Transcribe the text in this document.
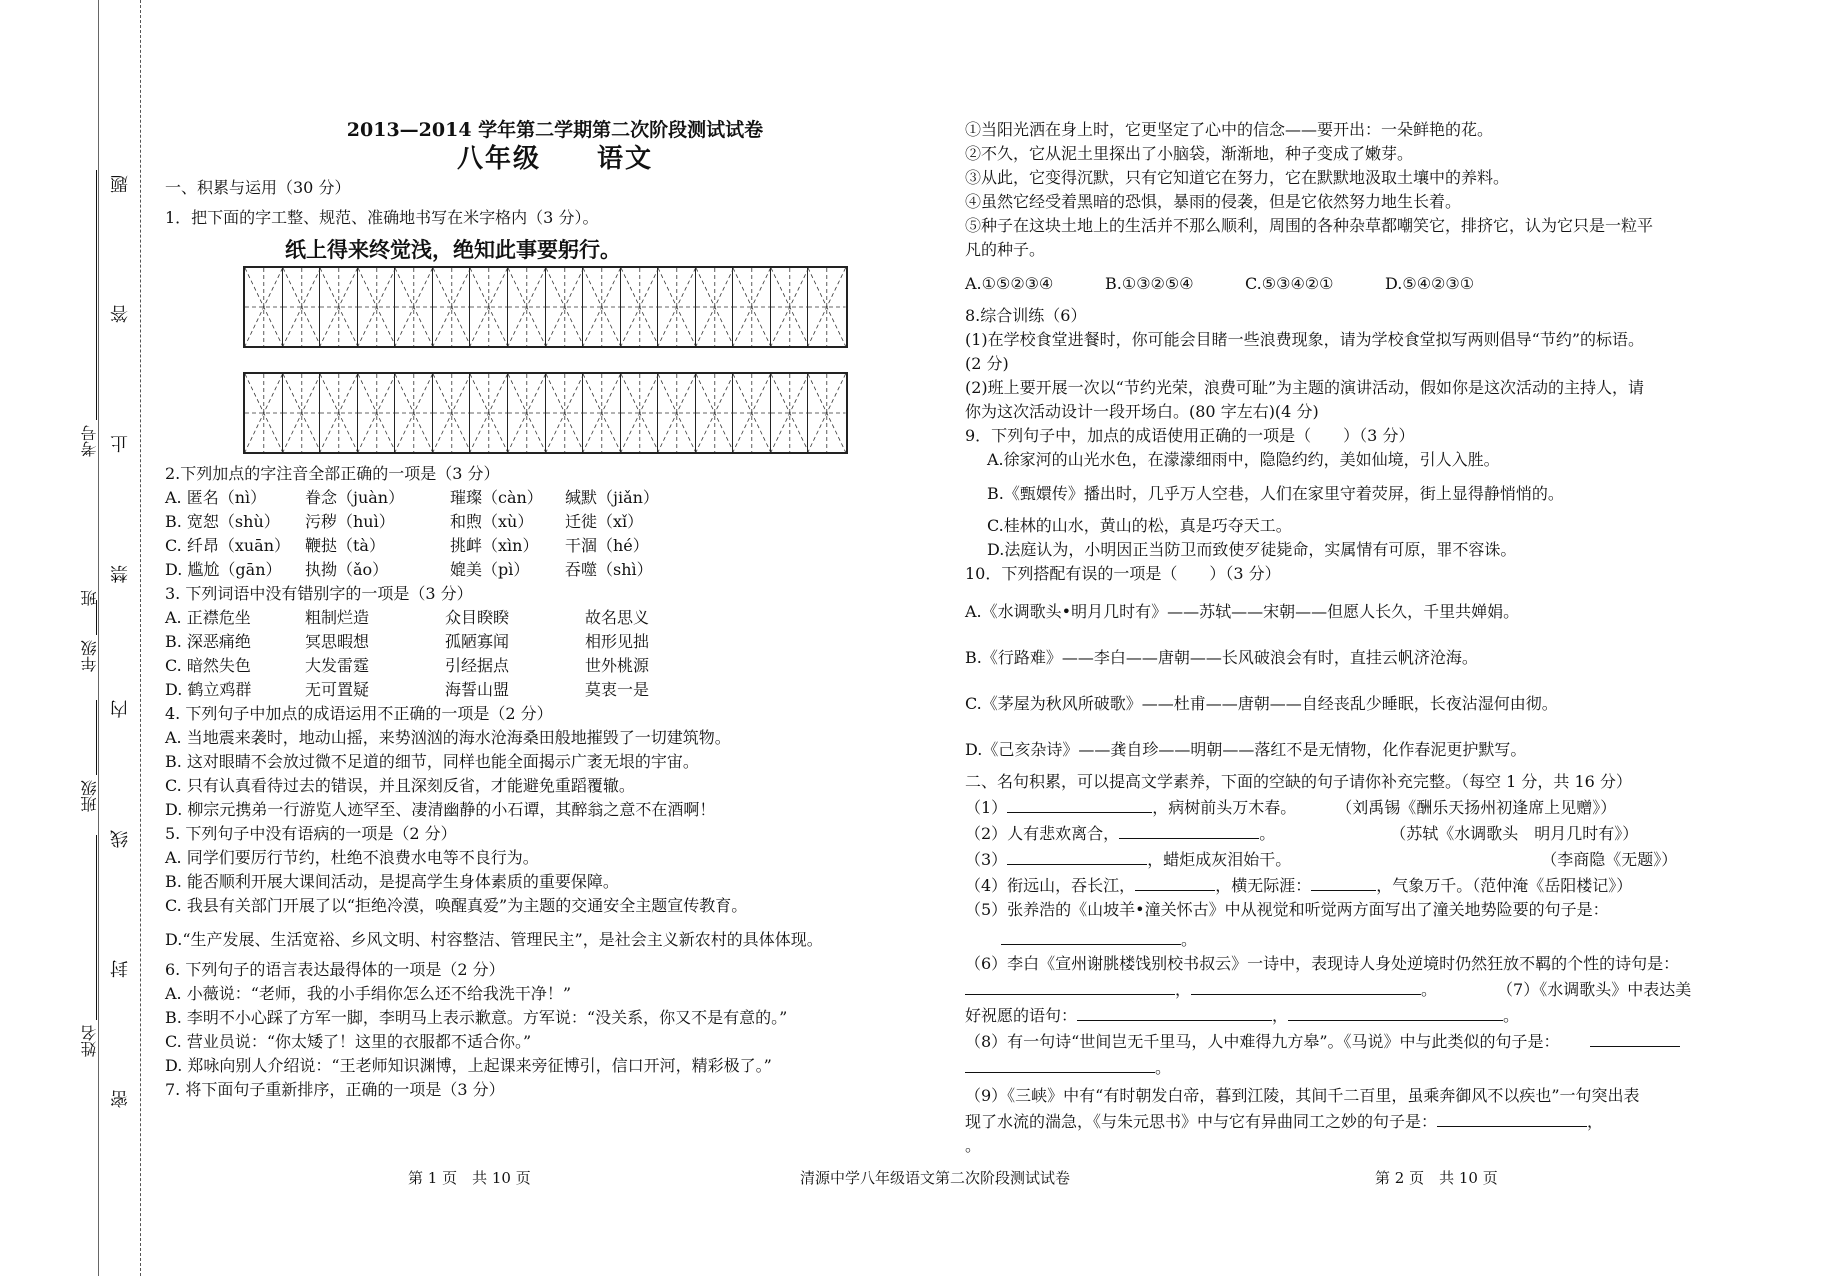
题
答
止
禁
内
线
封
密
考号
班级
班
年级
姓名
2013—2014 学年第二学期第二次阶段测试试卷
八年级　　语文
一、积累与运用（30 分）
1．把下面的字工整、规范、准确地书写在米字格内（3 分）。
纸上得来终觉浅，绝知此事要躬行。
2.下列加点的字注音全部正确的一项是（3 分）
A. 匿名（nì）	眷念（juàn）	璀璨（càn）	缄默（jiǎn）
B. 宽恕（shù）	污秽（huì）	和煦（xù）	迁徙（xǐ）
C. 纤昂（xuān） 鞭挞（tà）	挑衅（xìn）	干涸（hé）
D. 尴尬（gān）	执拗（ǎo）	媲美（pì）	吞噬（shì）
3. 下列词语中没有错别字的一项是（3 分）
A. 正襟危坐	粗制烂造	众目睽睽	故名思义
B. 深恶痛绝	冥思暇想	孤陋寡闻	相形见拙
C. 暗然失色	大发雷霆	引经据点	世外桃源
D. 鹤立鸡群	无可置疑	海誓山盟	莫衷一是
4. 下列句子中加点的成语运用不正确的一项是（2 分）
A. 当地震来袭时，地动山摇，来势汹汹的海水沧海桑田般地摧毁了一切建筑物。
B. 这对眼睛不会放过微不足道的细节，同样也能全面揭示广袤无垠的宇宙。
C. 只有认真看待过去的错误，并且深刻反省，才能避免重蹈覆辙。
D. 柳宗元携弟一行游览人迹罕至、凄清幽静的小石谭，其醉翁之意不在酒啊！
5. 下列句子中没有语病的一项是（2 分）
A. 同学们要厉行节约，杜绝不浪费水电等不良行为。
B. 能否顺利开展大课间活动，是提高学生身体素质的重要保障。
C. 我县有关部门开展了以“拒绝冷漠，唤醒真爱”为主题的交通安全主题宣传教育。
D.“生产发展、生活宽裕、乡风文明、村容整洁、管理民主”，是社会主义新农村的具体体现。
6. 下列句子的语言表达最得体的一项是（2 分）
A. 小薇说：“老师，我的小手绢你怎么还不给我洗干净！”
B. 李明不小心踩了方军一脚，李明马上表示歉意。方军说：“没关系，你又不是有意的。”
C. 营业员说：“你太矮了！这里的衣服都不适合你。”
D. 郑咏向别人介绍说：“王老师知识渊博，上起课来旁征博引，信口开河，精彩极了。”
7. 将下面句子重新排序，正确的一项是（3 分）
①当阳光洒在身上时，它更坚定了心中的信念——要开出：一朵鲜艳的花。
②不久，它从泥土里探出了小脑袋，渐渐地，种子变成了嫩芽。
③从此，它变得沉默，只有它知道它在努力，它在默默地汲取土壤中的养料。
④虽然它经受着黑暗的恐惧，暴雨的侵袭，但是它依然努力地生长着。
⑤种子在这块土地上的生活并不那么顺利，周围的各种杂草都嘲笑它，排挤它，认为它只是一粒平
凡的种子。
A.①⑤②③④	B.①③②⑤④	C.⑤③④②①	D.⑤④②③①
8.综合训练（6）
(1)在学校食堂进餐时，你可能会目睹一些浪费现象，请为学校食堂拟写两则倡导“节约”的标语。
(2 分)
(2)班上要开展一次以“节约光荣，浪费可耻”为主题的演讲活动，假如你是这次活动的主持人，请
你为这次活动设计一段开场白。(80 字左右)(4 分)
9．下列句子中，加点的成语使用正确的一项是（　　）（3 分）
A.徐家河的山光水色，在濛濛细雨中，隐隐约约，美如仙境，引人入胜。
B.《甄嬛传》播出时，几乎万人空巷，人们在家里守着荧屏，街上显得静悄悄的。
C.桂林的山水，黄山的松，真是巧夺天工。
D.法庭认为，小明因正当防卫而致使歹徒毙命，实属情有可原，罪不容诛。
10．下列搭配有误的一项是（　　）（3 分）
A.《水调歌头•明月几时有》——苏轼——宋朝——但愿人长久，千里共婵娟。
B.《行路难》——李白——唐朝——长风破浪会有时，直挂云帆济沧海。
C.《茅屋为秋风所破歌》——杜甫——唐朝——自经丧乱少睡眠，长夜沾湿何由彻。
D.《己亥杂诗》——龚自珍——明朝——落红不是无情物，化作春泥更护默写。
二、名句积累，可以提高文学素养，下面的空缺的句子请你补充完整。（每空 1 分，共 16 分）
（1）	，病树前头万木春。	（刘禹锡《酬乐天扬州初逢席上见赠》）
（2）人有悲欢离合，	。	（苏轼《水调歌头　明月几时有》）
（3）	，蜡炬成灰泪始干。	（李商隐《无题》）
（4）衔远山，吞长江，	，横无际涯：	，气象万千。（范仲淹《岳阳楼记》）
（5）张养浩的《山坡羊•潼关怀古》中从视觉和听觉两方面写出了潼关地势险要的句子是：
。
（6）李白《宣州谢朓楼饯别校书叔云》一诗中，表现诗人身处逆境时仍然狂放不羁的个性的诗句是：
，	。	（7）《水调歌头》中表达美
好祝愿的语句：	，	。
（8）有一句诗“世间岂无千里马，人中难得九方皋”。《马说》中与此类似的句子是：
。
（9）《三峡》中有“有时朝发白帝，暮到江陵，其间千二百里，虽乘奔御风不以疾也”一句突出表
现了水流的湍急，《与朱元思书》中与它有异曲同工之妙的句子是：	，
。
第 1 页　共 10 页	清源中学八年级语文第二次阶段测试试卷	第 2 页　共 10 页
